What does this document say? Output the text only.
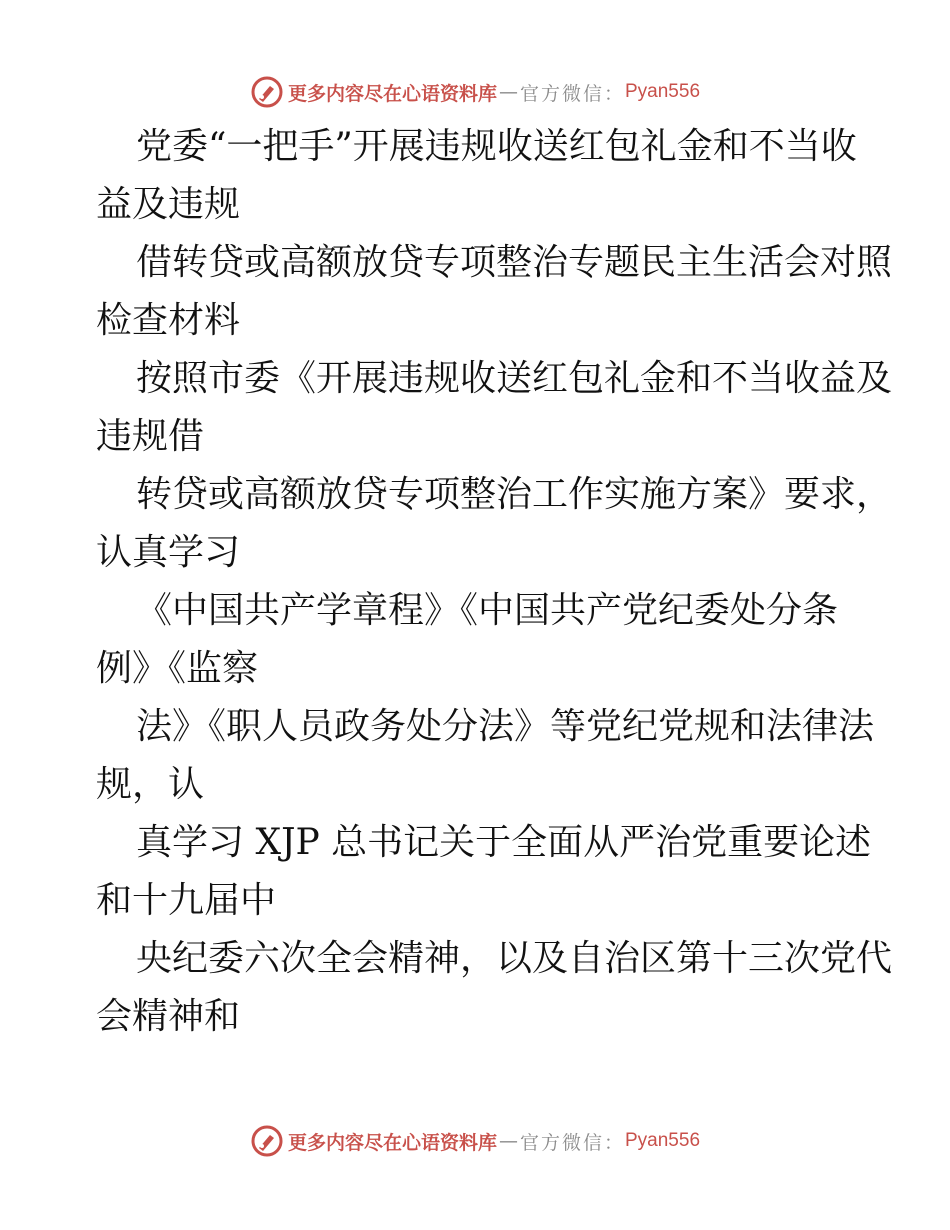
更多内容尽在心语资料库 — 官方微信： Pyan556
党委“一把手”开展违规收送红包礼金和不当收
益及违规
借转贷或高额放贷专项整治专题民主生活会对照
检查材料
按照市委《开展违规收送红包礼金和不当收益及
违规借
转贷或高额放贷专项整治工作实施方案》要求，
认真学习
《中国共产学章程》《中国共产党纪委处分条
例》《监察
法》《职人员政务处分法》等党纪党规和法律法
规，认
真学习 XJP 总书记关于全面从严治党重要论述
和十九届中
央纪委六次全会精神，以及自治区第十三次党代
会精神和
更多内容尽在心语资料库 — 官方微信： Pyan556
